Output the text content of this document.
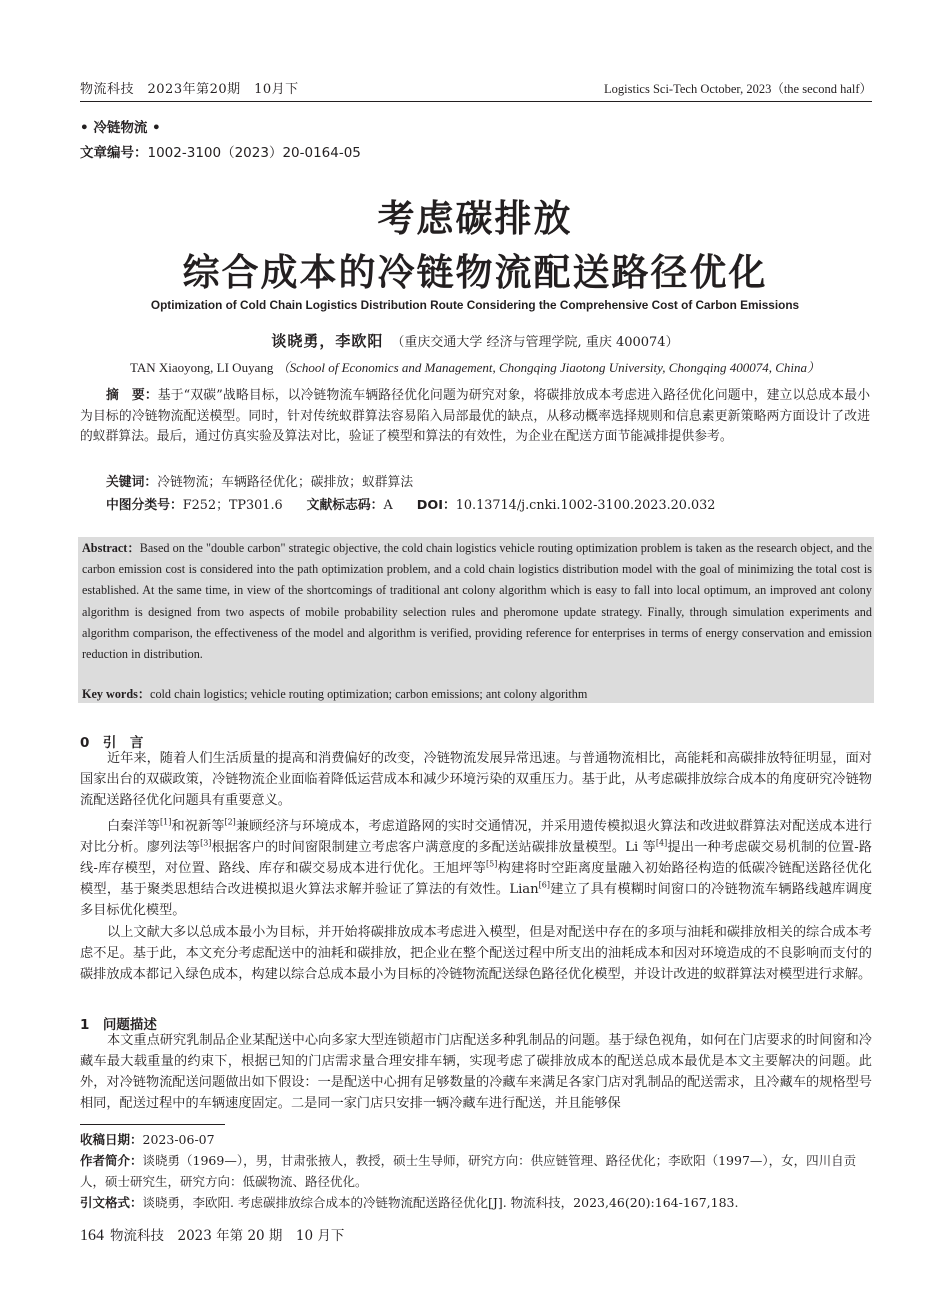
物流科技　2023年第20期　10月下	Logistics Sci-Tech October, 2023（the second half）
• 冷链物流 •
文章编号：1002-3100（2023）20-0164-05
考虑碳排放
综合成本的冷链物流配送路径优化
Optimization of Cold Chain Logistics Distribution Route Considering the Comprehensive Cost of Carbon Emissions
谈晓勇，李欧阳 （重庆交通大学 经济与管理学院, 重庆 400074）
TAN Xiaoyong, LI Ouyang （School of Economics and Management, Chongqing Jiaotong University, Chongqing 400074, China）
摘　要：基于“双碳”战略目标，以冷链物流车辆路径优化问题为研究对象，将碳排放成本考虑进入路径优化问题中，建立以总成本最小为目标的冷链物流配送模型。同时，针对传统蚁群算法容易陷入局部最优的缺点，从移动概率选择规则和信息素更新策略两方面设计了改进的蚁群算法。最后，通过仿真实验及算法对比，验证了模型和算法的有效性，为企业在配送方面节能减排提供参考。
关键词：冷链物流；车辆路径优化；碳排放；蚁群算法
中图分类号：F252；TP301.6 文献标志码：A DOI：10.13714/j.cnki.1002-3100.2023.20.032
Abstract：Based on the "double carbon" strategic objective, the cold chain logistics vehicle routing optimization problem is taken as the research object, and the carbon emission cost is considered into the path optimization problem, and a cold chain logistics distribution model with the goal of minimizing the total cost is established. At the same time, in view of the shortcomings of traditional ant colony algorithm which is easy to fall into local optimum, an improved ant colony algorithm is designed from two aspects of mobile probability selection rules and pheromone update strategy. Finally, through simulation experiments and algorithm comparison, the effectiveness of the model and algorithm is verified, providing reference for enterprises in terms of energy conservation and emission reduction in distribution.
Key words：cold chain logistics; vehicle routing optimization; carbon emissions; ant colony algorithm
0　引　言
近年来，随着人们生活质量的提高和消费偏好的改变，冷链物流发展异常迅速。与普通物流相比，高能耗和高碳排放特征明显，面对国家出台的双碳政策，冷链物流企业面临着降低运营成本和减少环境污染的双重压力。基于此，从考虑碳排放综合成本的角度研究冷链物流配送路径优化问题具有重要意义。
白秦洋等[1]和祝新等[2]兼顾经济与环境成本，考虑道路网的实时交通情况，并采用遗传模拟退火算法和改进蚁群算法对配送成本进行对比分析。廖列法等[3]根据客户的时间窗限制建立考虑客户满意度的多配送站碳排放量模型。Li 等[4]提出一种考虑碳交易机制的位置-路线-库存模型，对位置、路线、库存和碳交易成本进行优化。王旭坪等[5]构建将时空距离度量融入初始路径构造的低碳冷链配送路径优化模型，基于聚类思想结合改进模拟退火算法求解并验证了算法的有效性。Lian[6]建立了具有模糊时间窗口的冷链物流车辆路线越库调度多目标优化模型。
以上文献大多以总成本最小为目标，并开始将碳排放成本考虑进入模型，但是对配送中存在的多项与油耗和碳排放相关的综合成本考虑不足。基于此，本文充分考虑配送中的油耗和碳排放，把企业在整个配送过程中所支出的油耗成本和因对环境造成的不良影响而支付的碳排放成本都记入绿色成本，构建以综合总成本最小为目标的冷链物流配送绿色路径优化模型，并设计改进的蚁群算法对模型进行求解。
1　问题描述
本文重点研究乳制品企业某配送中心向多家大型连锁超市门店配送多种乳制品的问题。基于绿色视角，如何在门店要求的时间窗和冷藏车最大载重量的约束下，根据已知的门店需求量合理安排车辆，实现考虑了碳排放成本的配送总成本最优是本文主要解决的问题。此外，对冷链物流配送问题做出如下假设：一是配送中心拥有足够数量的冷藏车来满足各家门店对乳制品的配送需求，且冷藏车的规格型号相同，配送过程中的车辆速度固定。二是同一家门店只安排一辆冷藏车进行配送，并且能够保
收稿日期：2023-06-07
作者简介：谈晓勇（1969—），男，甘肃张掖人，教授，硕士生导师，研究方向：供应链管理、路径优化；李欧阳（1997—），女，四川自贡人，硕士研究生，研究方向：低碳物流、路径优化。
引文格式：谈晓勇，李欧阳. 考虑碳排放综合成本的冷链物流配送路径优化[J]. 物流科技，2023,46(20):164-167,183.
164 物流科技　2023 年第 20 期　10 月下
